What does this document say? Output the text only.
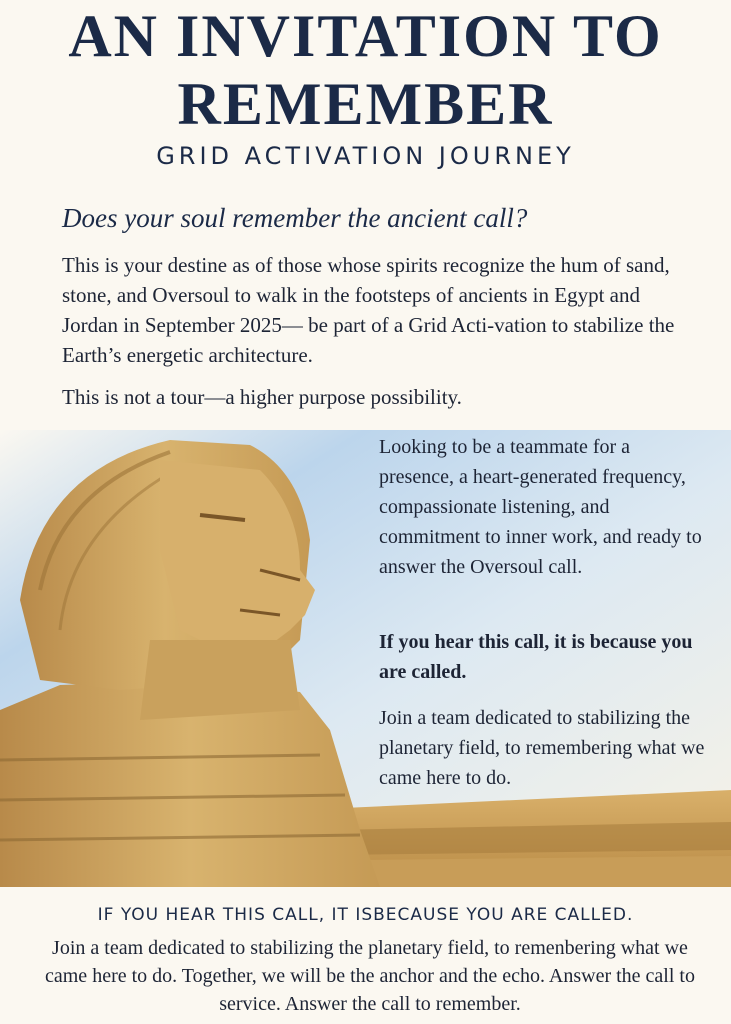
AN INVITATION TO REMEMBER
GRID ACTIVATION JOURNEY
Does your soul remember the ancient call?

This is your destine as of those whose spirits recognize the hum of sand, stone, and Oversoul to walk in the footsteps of ancients in Egypt and Jordan in September 2025— be part of a Grid Acti-vation to stabilize the Earth’s energetic architecture.

This is not a tour—a higher purpose possibility.

Looking to be a teammate for a presence, a heart-generated frequency, compassionate listening, and commitment to inner work, and ready to answer the Oversoul call.

If you hear this call, it is because you are called.

Join a team dedicated to stabilizing the planetary field, to remembering what we came here to do.

IF YOU HEAR THIS CALL, IT ISBECAUSE YOU ARE CALLED.

Join a team dedicated to stabilizing the planetary field, to remenbering what we came here to do. Together, we will be the anchor and the echo. Answer the call to service. Answer the call to remember.
